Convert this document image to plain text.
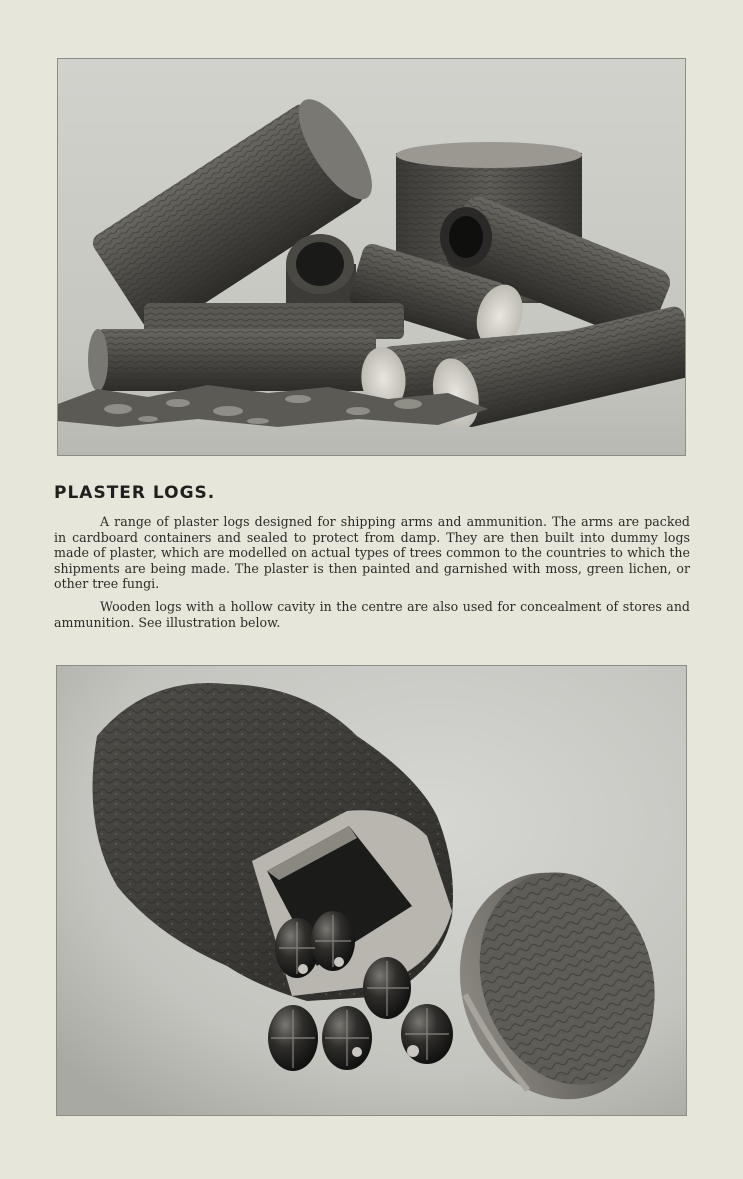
PLASTER LOGS.

A range of plaster logs designed for shipping arms and ammunition. The arms are packed in cardboard containers and sealed to protect from damp. They are then built into dummy logs made of plaster, which are modelled on actual types of trees common to the countries to which the shipments are being made. The plaster is then painted and garnished with moss, green lichen, or other tree fungi.

Wooden logs with a hollow cavity in the centre are also used for concealment of stores and ammunition. See illustration below.
